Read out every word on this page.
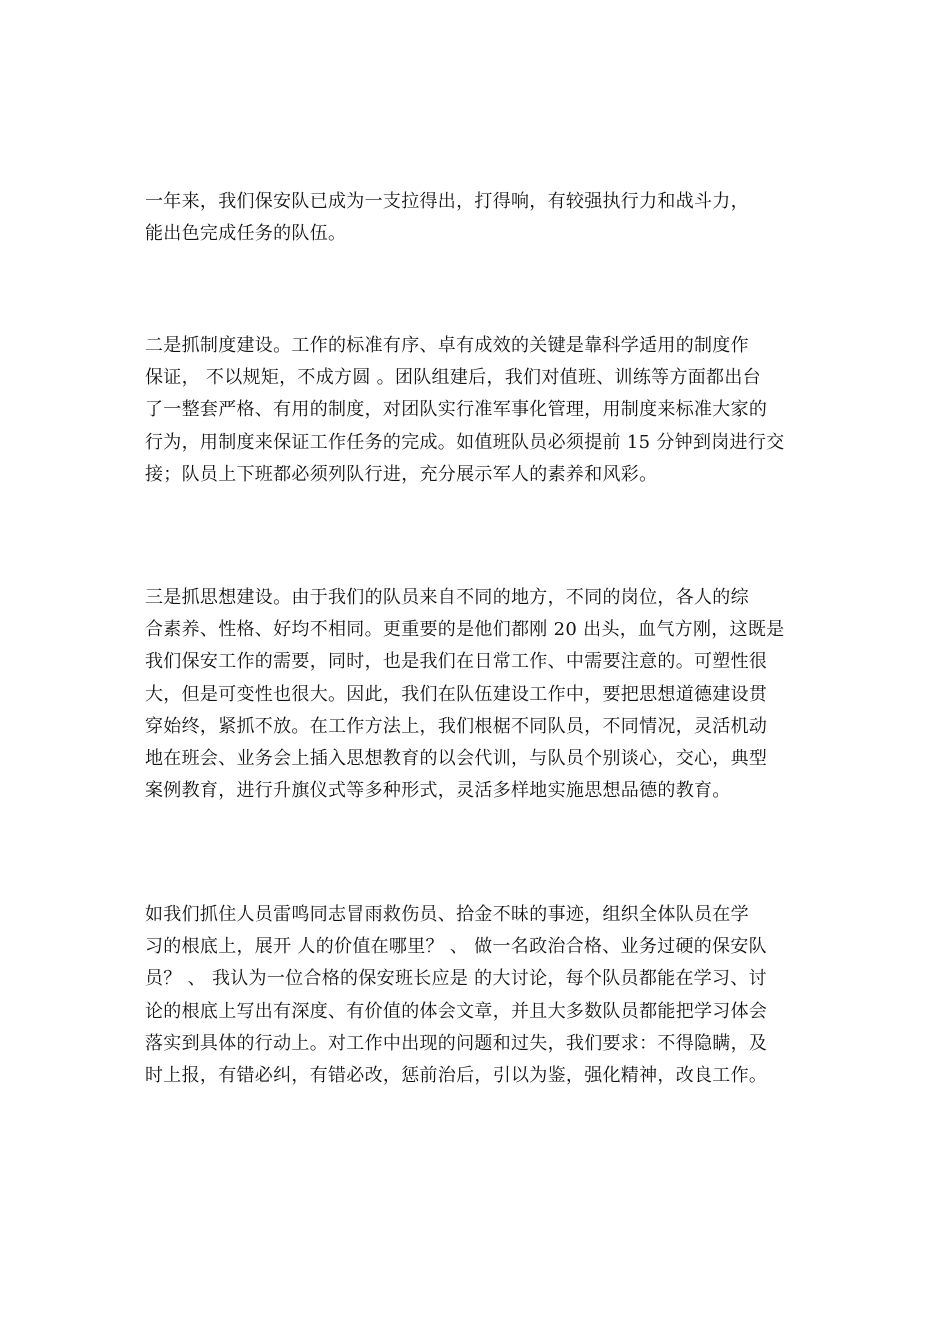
一年来，我们保安队已成为一支拉得出，打得响，有较强执行力和战斗力，
能出色完成任务的队伍。

二是抓制度建设。工作的标准有序、卓有成效的关键是靠科学适用的制度作
保证， 不以规矩，不成方圆 。团队组建后，我们对值班、训练等方面都出台
了一整套严格、有用的制度，对团队实行准军事化管理，用制度来标准大家的
行为，用制度来保证工作任务的完成。如值班队员必须提前 15 分钟到岗进行交
接；队员上下班都必须列队行进，充分展示军人的素养和风彩。

三是抓思想建设。由于我们的队员来自不同的地方，不同的岗位，各人的综
合素养、性格、好均不相同。更重要的是他们都刚 20 出头，血气方刚，这既是
我们保安工作的需要，同时，也是我们在日常工作、中需要注意的。可塑性很
大，但是可变性也很大。因此，我们在队伍建设工作中，要把思想道德建设贯
穿始终，紧抓不放。在工作方法上，我们根椐不同队员，不同情况，灵活机动
地在班会、业务会上插入思想教育的以会代训，与队员个别谈心，交心，典型
案例教育，进行升旗仪式等多种形式，灵活多样地实施思想品德的教育。

如我们抓住人员雷鸣同志冒雨救伤员、拾金不昧的事迹，组织全体队员在学
习的根底上，展开 人的价值在哪里？ 、 做一名政治合格、业务过硬的保安队
员？ 、 我认为一位合格的保安班长应是 的大讨论，每个队员都能在学习、讨
论的根底上写出有深度、有价值的体会文章，并且大多数队员都能把学习体会
落实到具体的行动上。对工作中出现的问题和过失，我们要求：不得隐瞒，及
时上报，有错必纠，有错必改，惩前治后，引以为鉴，强化精神，改良工作。
